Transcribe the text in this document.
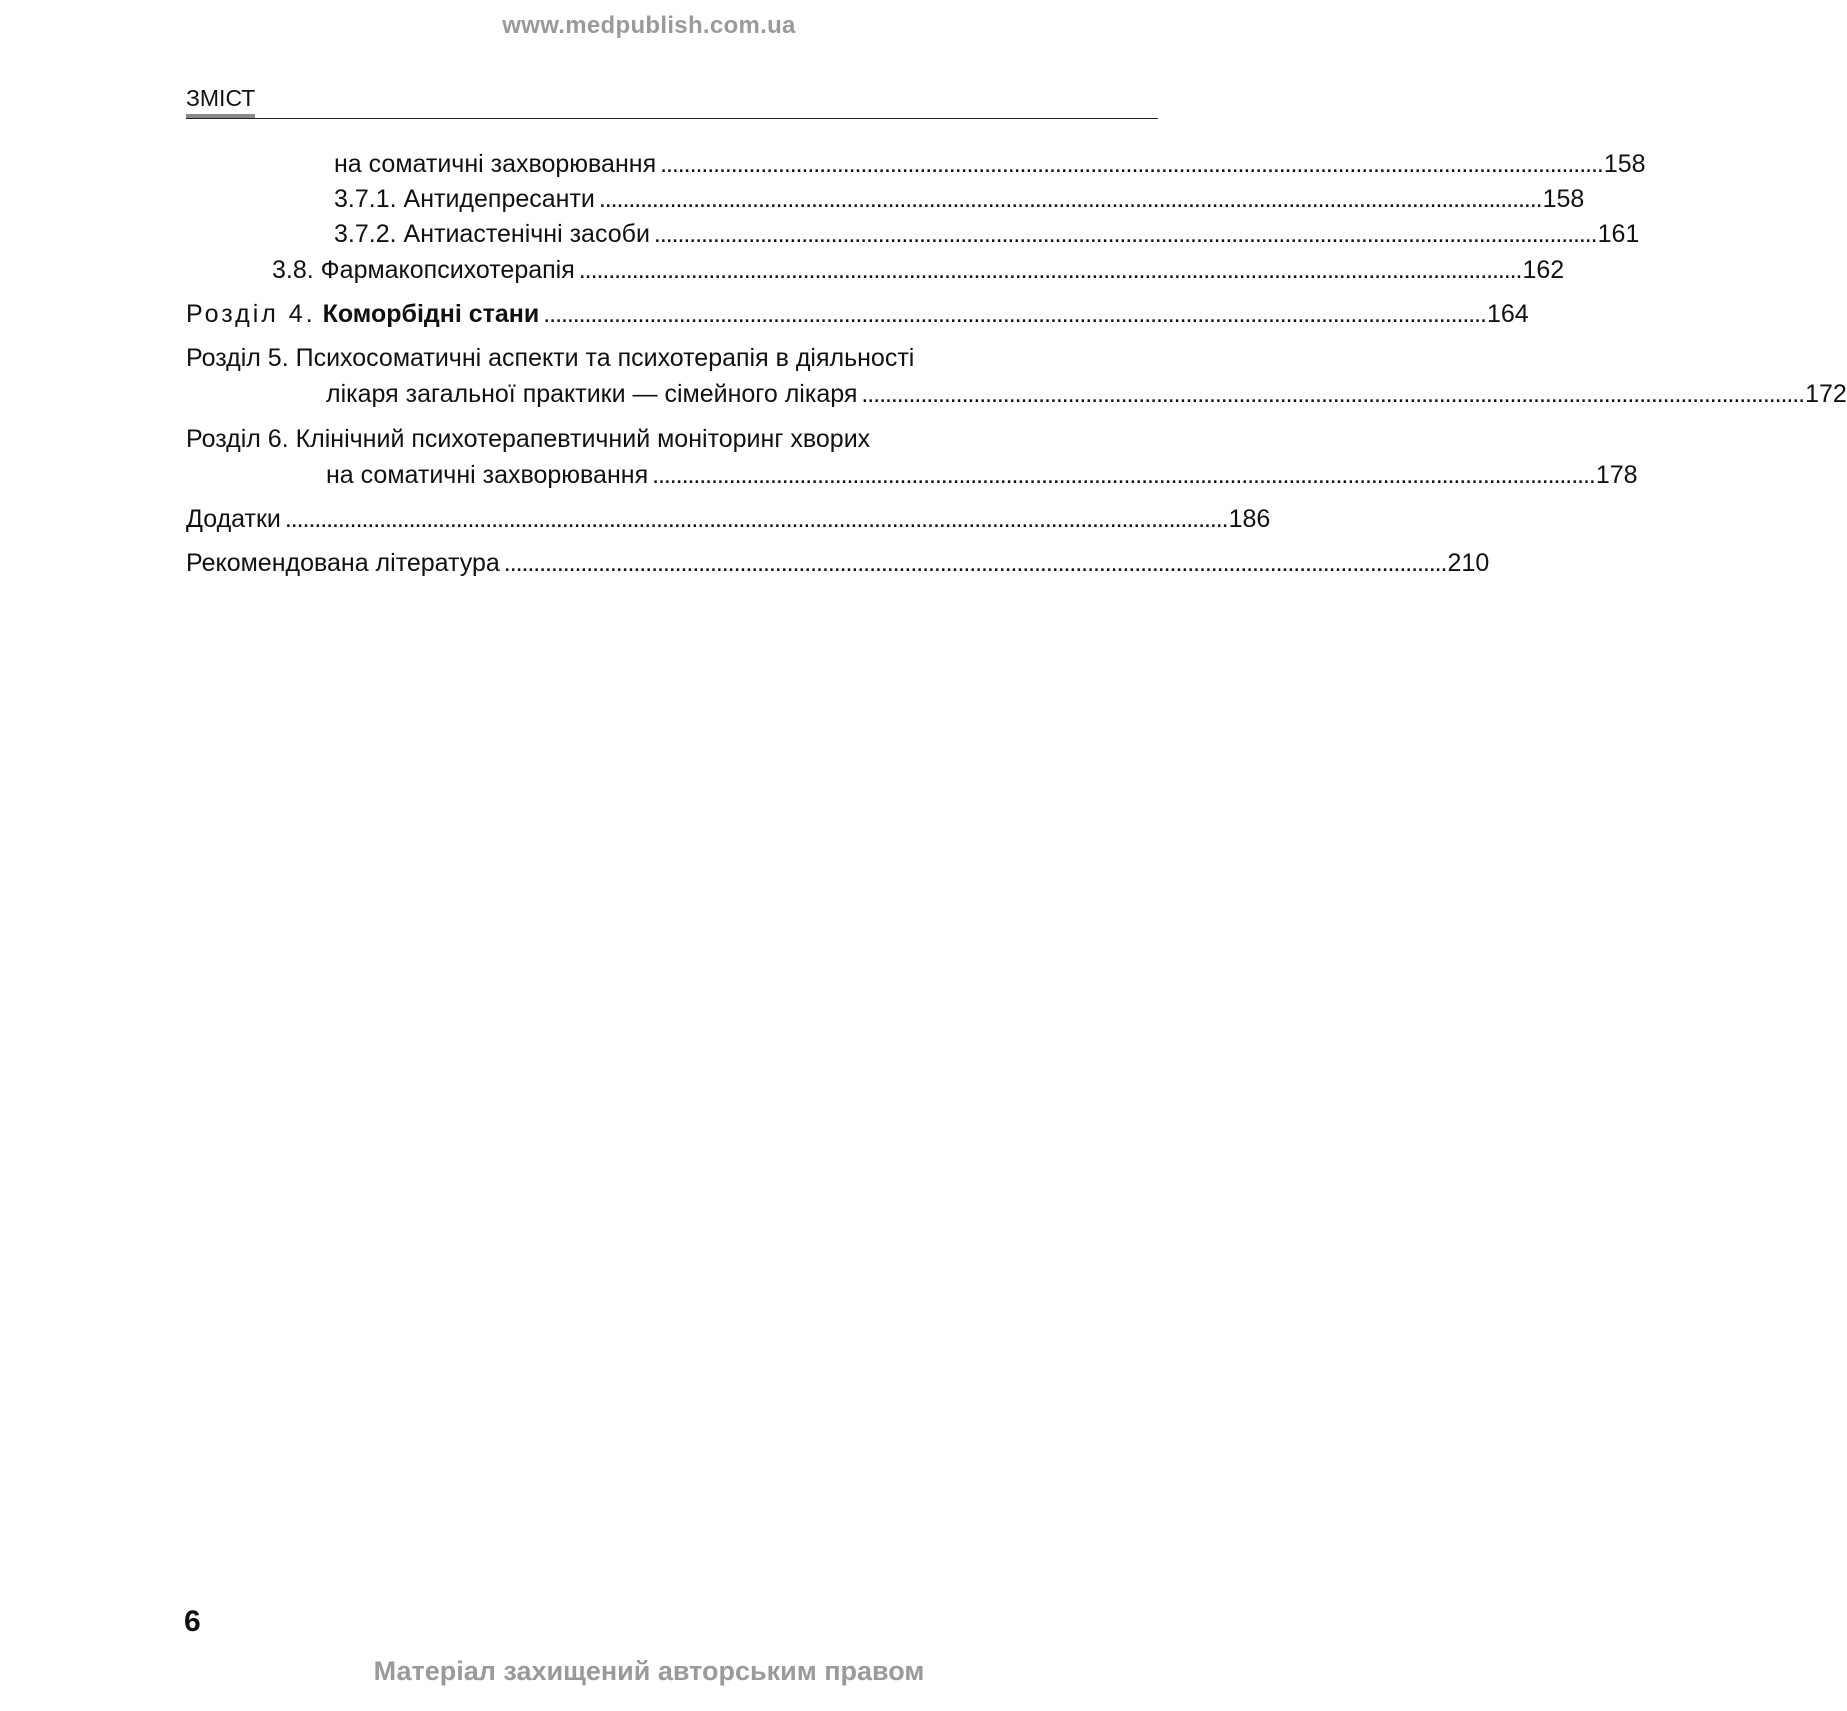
www.medpublish.com.ua
ЗМІСТ
на соматичні захворювання . . .	158
3.7.1. Антидепресанти . . .	158
3.7.2. Антиастенічні засоби . . .	161
3.8. Фармакопсихотерапія . . .	162
Розділ 4. Коморбідні стани . . .	164
Розділ 5. Психосоматичні аспекти та психотерапія в діяльності
лікаря загальної практики — сімейного лікаря . . .	172
Розділ 6. Клінічний психотерапевтичний моніторинг хворих
на соматичні захворювання . . .	178
Додатки . . .	186
Рекомендована література . . .	210
6
Матеріал захищений авторським правом
